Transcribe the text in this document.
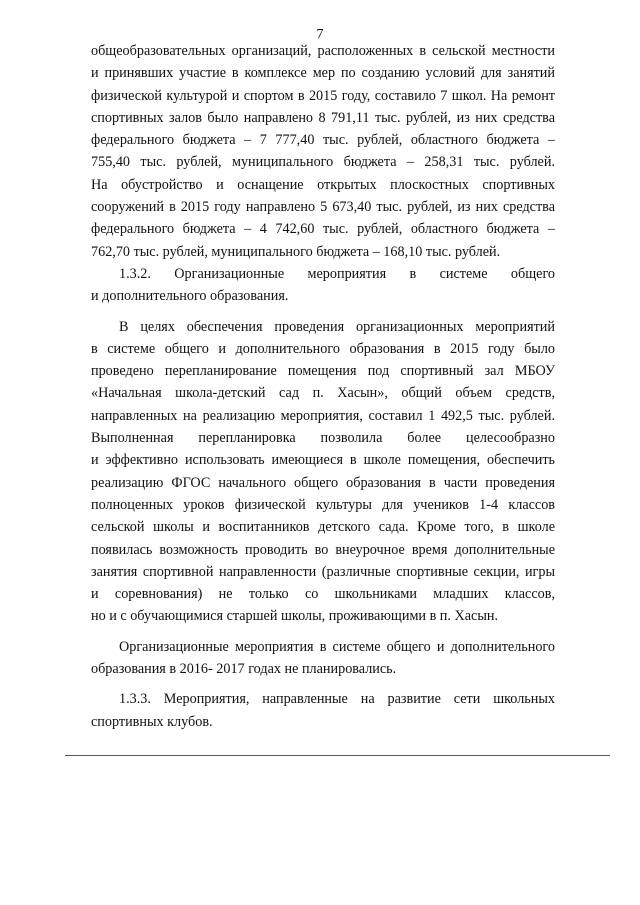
7

общеобразовательных организаций, расположенных в сельской местности

и принявших участие в комплексе мер по созданию условий для занятий

физической культурой и спортом в 2015 году, составило 7 школ. На ремонт

спортивных залов было направлено 8 791,11 тыс. рублей, из них средства

федерального бюджета – 7 777,40 тыс. рублей, областного бюджета –

755,40 тыс. рублей, муниципального бюджета – 258,31 тыс. рублей.

На обустройство и оснащение открытых плоскостных спортивных

сооружений в 2015 году направлено 5 673,40 тыс. рублей, из них средства

федерального бюджета – 4 742,60 тыс. рублей, областного бюджета –

762,70 тыс. рублей, муниципального бюджета – 168,10 тыс. рублей.

1.3.2. Организационные мероприятия в системе общего

и дополнительного образования.

В целях обеспечения проведения организационных мероприятий

в системе общего и дополнительного образования в 2015 году было

проведено перепланирование помещения под спортивный зал МБОУ

«Начальная школа-детский сад п. Хасын», общий объем средств,

направленных на реализацию мероприятия, составил 1 492,5 тыс. рублей.

Выполненная перепланировка позволила более целесообразно

и эффективно использовать имеющиеся в школе помещения, обеспечить

реализацию ФГОС начального общего образования в части проведения

полноценных уроков физической культуры для учеников 1-4 классов

сельской школы и воспитанников детского сада. Кроме того, в школе

появилась возможность проводить во внеурочное время дополнительные

занятия спортивной направленности (различные спортивные секции, игры

и соревнования) не только со школьниками младших классов,

но и с обучающимися старшей школы, проживающими в п. Хасын.

Организационные мероприятия в системе общего и дополнительного

образования в 2016- 2017 годах не планировались.

1.3.3. Мероприятия, направленные на развитие сети школьных

спортивных клубов.
